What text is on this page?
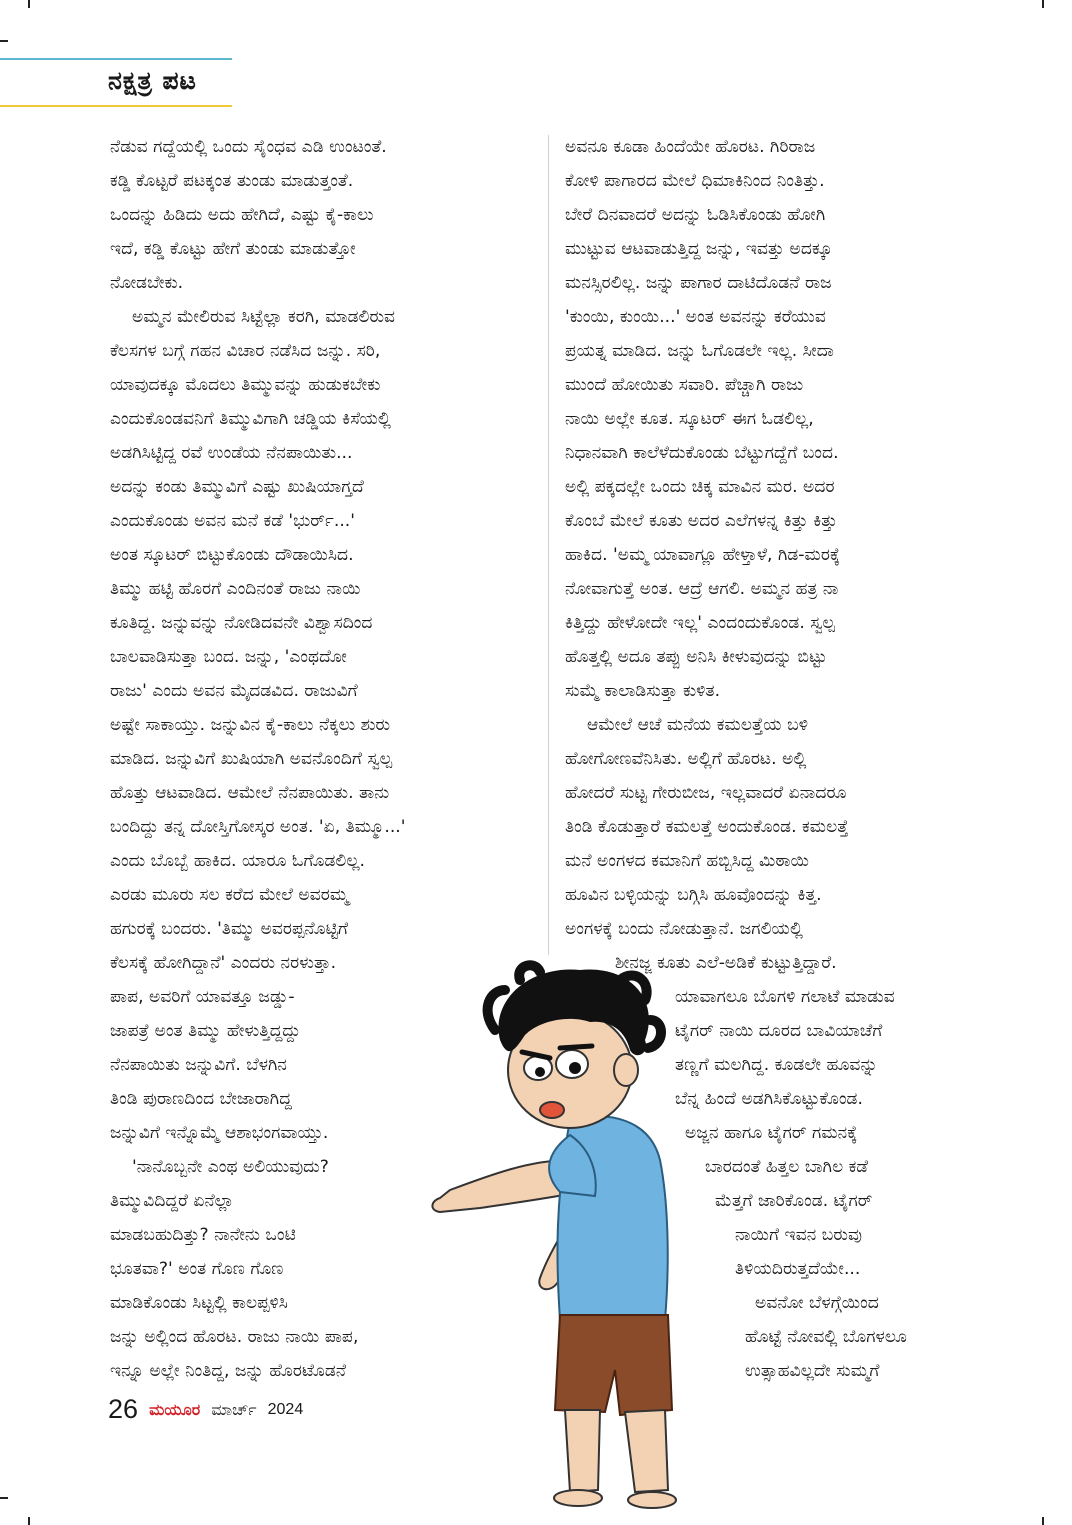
ನಕ್ಷತ್ರ ಪಟ
ನೆಡುವ ಗದ್ದೆಯಲ್ಲಿ ಒಂದು ಸೈಂಧವ ಎಡಿ ಉಂಟಂತೆ.
ಕಡ್ಡಿ ಕೊಟ್ಟರೆ ಪಟಕ್ಕಂತ ತುಂಡು ಮಾಡುತ್ತಂತೆ.
ಒಂದನ್ನು ಹಿಡಿದು ಅದು ಹೇಗಿದೆ, ಎಷ್ಟು ಕೈ-ಕಾಲು
ಇದೆ, ಕಡ್ಡಿ ಕೊಟ್ಟು ಹೇಗೆ ತುಂಡು ಮಾಡುತ್ತೋ
ನೋಡಬೇಕು.
ಅಮ್ಮನ ಮೇಲಿರುವ ಸಿಟ್ಟೆಲ್ಲಾ ಕರಗಿ, ಮಾಡಲಿರುವ
ಕೆಲಸಗಳ ಬಗ್ಗೆ ಗಹನ ವಿಚಾರ ನಡೆಸಿದ ಜನ್ನು. ಸರಿ,
ಯಾವುದಕ್ಕೂ ಮೊದಲು ತಿಮ್ಮುವನ್ನು ಹುಡುಕಬೇಕು
ಎಂದುಕೊಂಡವನಿಗೆ ತಿಮ್ಮುವಿಗಾಗಿ ಚಡ್ಡಿಯ ಕಿಸೆಯಲ್ಲಿ
ಅಡಗಿಸಿಟ್ಟಿದ್ದ ರವೆ ಉಂಡೆಯ ನೆನಪಾಯಿತು...
ಅದನ್ನು ಕಂಡು ತಿಮ್ಮುವಿಗೆ ಎಷ್ಟು ಖುಷಿಯಾಗ್ತದೆ
ಎಂದುಕೊಂಡು ಅವನ ಮನೆ ಕಡೆ 'ಭುರ್ರ್...'
ಅಂತ ಸ್ಕೂಟರ್ ಬಿಟ್ಟುಕೊಂಡು ದೌಡಾಯಿಸಿದ.
ತಿಮ್ಮು ಹಟ್ಟಿ ಹೊರಗೆ ಎಂದಿನಂತೆ ರಾಜು ನಾಯಿ
ಕೂತಿದ್ದ. ಜನ್ನುವನ್ನು ನೋಡಿದವನೇ ವಿಶ್ವಾಸದಿಂದ
ಬಾಲವಾಡಿಸುತ್ತಾ ಬಂದ. ಜನ್ನು, 'ಎಂಥದೋ
ರಾಜು' ಎಂದು ಅವನ ಮೈದಡವಿದ. ರಾಜುವಿಗೆ
ಅಷ್ಟೇ ಸಾಕಾಯ್ತು. ಜನ್ನುವಿನ ಕೈ-ಕಾಲು ನೆಕ್ಕಲು ಶುರು
ಮಾಡಿದ. ಜನ್ನುವಿಗೆ ಖುಷಿಯಾಗಿ ಅವನೊಂದಿಗೆ ಸ್ವಲ್ಪ
ಹೊತ್ತು ಆಟವಾಡಿದ. ಆಮೇಲೆ ನೆನಪಾಯಿತು. ತಾನು
ಬಂದಿದ್ದು ತನ್ನ ದೋಸ್ತಿಗೋಸ್ಕರ ಅಂತ. 'ಏ, ತಿಮ್ಮೂ...'
ಎಂದು ಬೊಬ್ಬೆ ಹಾಕಿದ. ಯಾರೂ ಓಗೊಡಲಿಲ್ಲ.
ಎರಡು ಮೂರು ಸಲ ಕರೆದ ಮೇಲೆ ಅವರಮ್ಮ
ಹಗುರಕ್ಕೆ ಬಂದರು. 'ತಿಮ್ಮು ಅವರಪ್ಪನೊಟ್ಟಿಗೆ
ಕೆಲಸಕ್ಕೆ ಹೋಗಿದ್ದಾನೆ' ಎಂದರು ನರಳುತ್ತಾ.
ಪಾಪ, ಅವರಿಗೆ ಯಾವತ್ತೂ ಜಡ್ಡು-
ಜಾಪತ್ರೆ ಅಂತ ತಿಮ್ಮು ಹೇಳುತ್ತಿದ್ದದ್ದು
ನೆನಪಾಯಿತು ಜನ್ನುವಿಗೆ. ಬೆಳಗಿನ
ತಿಂಡಿ ಪುರಾಣದಿಂದ ಬೇಜಾರಾಗಿದ್ದ
ಜನ್ನುವಿಗೆ ಇನ್ನೊಮ್ಮೆ ಆಶಾಭಂಗವಾಯ್ತು.
'ನಾನೊಬ್ಬನೇ ಎಂಥ ಅಲಿಯುವುದು?
ತಿಮ್ಮುವಿದಿದ್ದರೆ ಏನೆಲ್ಲಾ
ಮಾಡಬಹುದಿತ್ತು? ನಾನೇನು ಒಂಟಿ
ಭೂತವಾ?' ಅಂತ ಗೊಣ ಗೊಣ
ಮಾಡಿಕೊಂಡು ಸಿಟ್ಟಲ್ಲಿ ಕಾಲಪ್ಪಳಿಸಿ
ಜನ್ನು ಅಲ್ಲಿಂದ ಹೊರಟ. ರಾಜು ನಾಯಿ ಪಾಪ,
ಇನ್ನೂ ಅಲ್ಲೇ ನಿಂತಿದ್ದ, ಜನ್ನು ಹೊರಟೊಡನೆ
ಅವನೂ ಕೂಡಾ ಹಿಂದೆಯೇ ಹೊರಟ. ಗಿರಿರಾಜ
ಕೋಳಿ ಪಾಗಾರದ ಮೇಲೆ ಧಿಮಾಕಿನಿಂದ ನಿಂತಿತ್ತು.
ಬೇರೆ ದಿನವಾದರೆ ಅದನ್ನು ಓಡಿಸಿಕೊಂಡು ಹೋಗಿ
ಮುಟ್ಟುವ ಆಟವಾಡುತ್ತಿದ್ದ ಜನ್ನು, ಇವತ್ತು ಅದಕ್ಕೂ
ಮನಸ್ಸಿರಲಿಲ್ಲ. ಜನ್ನು ಪಾಗಾರ ದಾಟಿದೊಡನೆ ರಾಜ
'ಕುಂಯಿ, ಕುಂಯಿ...' ಅಂತ ಅವನನ್ನು ಕರೆಯುವ
ಪ್ರಯತ್ನ ಮಾಡಿದ. ಜನ್ನು ಓಗೊಡಲೇ ಇಲ್ಲ. ಸೀದಾ
ಮುಂದೆ ಹೋಯಿತು ಸವಾರಿ. ಪೆಚ್ಚಾಗಿ ರಾಜು
ನಾಯಿ ಅಲ್ಲೇ ಕೂತ. ಸ್ಕೂಟರ್ ಈಗ ಓಡಲಿಲ್ಲ,
ನಿಧಾನವಾಗಿ ಕಾಲೆಳೆದುಕೊಂಡು ಬೆಟ್ಟುಗದ್ದೆಗೆ ಬಂದ.
ಅಲ್ಲಿ ಪಕ್ಕದಲ್ಲೇ ಒಂದು ಚಿಕ್ಕ ಮಾವಿನ ಮರ. ಅದರ
ಕೊಂಬೆ ಮೇಲೆ ಕೂತು ಅದರ ಎಲೆಗಳನ್ನ ಕಿತ್ತು ಕಿತ್ತು
ಹಾಕಿದ. 'ಅಮ್ಮ ಯಾವಾಗ್ಲೂ ಹೇಳ್ತಾಳೆ, ಗಿಡ-ಮರಕ್ಕೆ
ನೋವಾಗುತ್ತೆ ಅಂತ. ಆದ್ರೆ ಆಗಲಿ. ಅಮ್ಮನ ಹತ್ರ ನಾ
ಕಿತ್ತಿದ್ದು ಹೇಳೋದೇ ಇಲ್ಲ' ಎಂದಂದುಕೊಂಡ. ಸ್ವಲ್ಪ
ಹೊತ್ತಲ್ಲಿ ಅದೂ ತಪ್ಪು ಅನಿಸಿ ಕೀಳುವುದನ್ನು ಬಿಟ್ಟು
ಸುಮ್ಮೆ ಕಾಲಾಡಿಸುತ್ತಾ ಕುಳಿತ.
ಆಮೇಲೆ ಆಚೆ ಮನೆಯ ಕಮಲತ್ತೆಯ ಬಳಿ
ಹೋಗೋಣವೆನಿಸಿತು. ಅಲ್ಲಿಗೆ ಹೊರಟ. ಅಲ್ಲಿ
ಹೋದರೆ ಸುಟ್ಟ ಗೇರುಬೀಜ, ಇಲ್ಲವಾದರೆ ಏನಾದರೂ
ತಿಂಡಿ ಕೊಡುತ್ತಾರೆ ಕಮಲತ್ತೆ ಅಂದುಕೊಂಡ. ಕಮಲತ್ತೆ
ಮನೆ ಅಂಗಳದ ಕಮಾನಿಗೆ ಹಬ್ಬಿಸಿದ್ದ ಮಿಠಾಯಿ
ಹೂವಿನ ಬಳ್ಳಿಯನ್ನು ಬಗ್ಗಿಸಿ ಹೂವೊಂದನ್ನು ಕಿತ್ತ.
ಅಂಗಳಕ್ಕೆ ಬಂದು ನೋಡುತ್ತಾನೆ. ಜಗಲಿಯಲ್ಲಿ
ಶೀನಜ್ಜ ಕೂತು ಎಲೆ-ಅಡಿಕೆ ಕುಟ್ಟುತ್ತಿದ್ದಾರೆ.
ಯಾವಾಗಲೂ ಬೊಗಳಿ ಗಲಾಟೆ ಮಾಡುವ
ಟೈಗರ್ ನಾಯಿ ದೂರದ ಬಾವಿಯಾಚೆಗೆ
ತಣ್ಣಗೆ ಮಲಗಿದ್ದ. ಕೂಡಲೇ ಹೂವನ್ನು
ಬೆನ್ನ ಹಿಂದೆ ಅಡಗಿಸಿಕೊಟ್ಟುಕೊಂಡ.
ಅಜ್ಜನ ಹಾಗೂ ಟೈಗರ್ ಗಮನಕ್ಕೆ
ಬಾರದಂತೆ ಹಿತ್ತಲ ಬಾಗಿಲ ಕಡೆ
ಮೆತ್ತಗೆ ಜಾರಿಕೊಂಡ. ಟೈಗರ್
ನಾಯಿಗೆ ಇವನ ಬರುವು
ತಿಳಿಯದಿರುತ್ತದೆಯೇ...
ಅವನೋ ಬೆಳಗ್ಗೆಯಿಂದ
ಹೊಟ್ಟೆ ನೋವಲ್ಲಿ ಬೊಗಳಲೂ
ಉತ್ಸಾಹವಿಲ್ಲದೇ ಸುಮ್ಮಗೆ
26 ಮಯೂರ ಮಾರ್ಚ್ 2024
